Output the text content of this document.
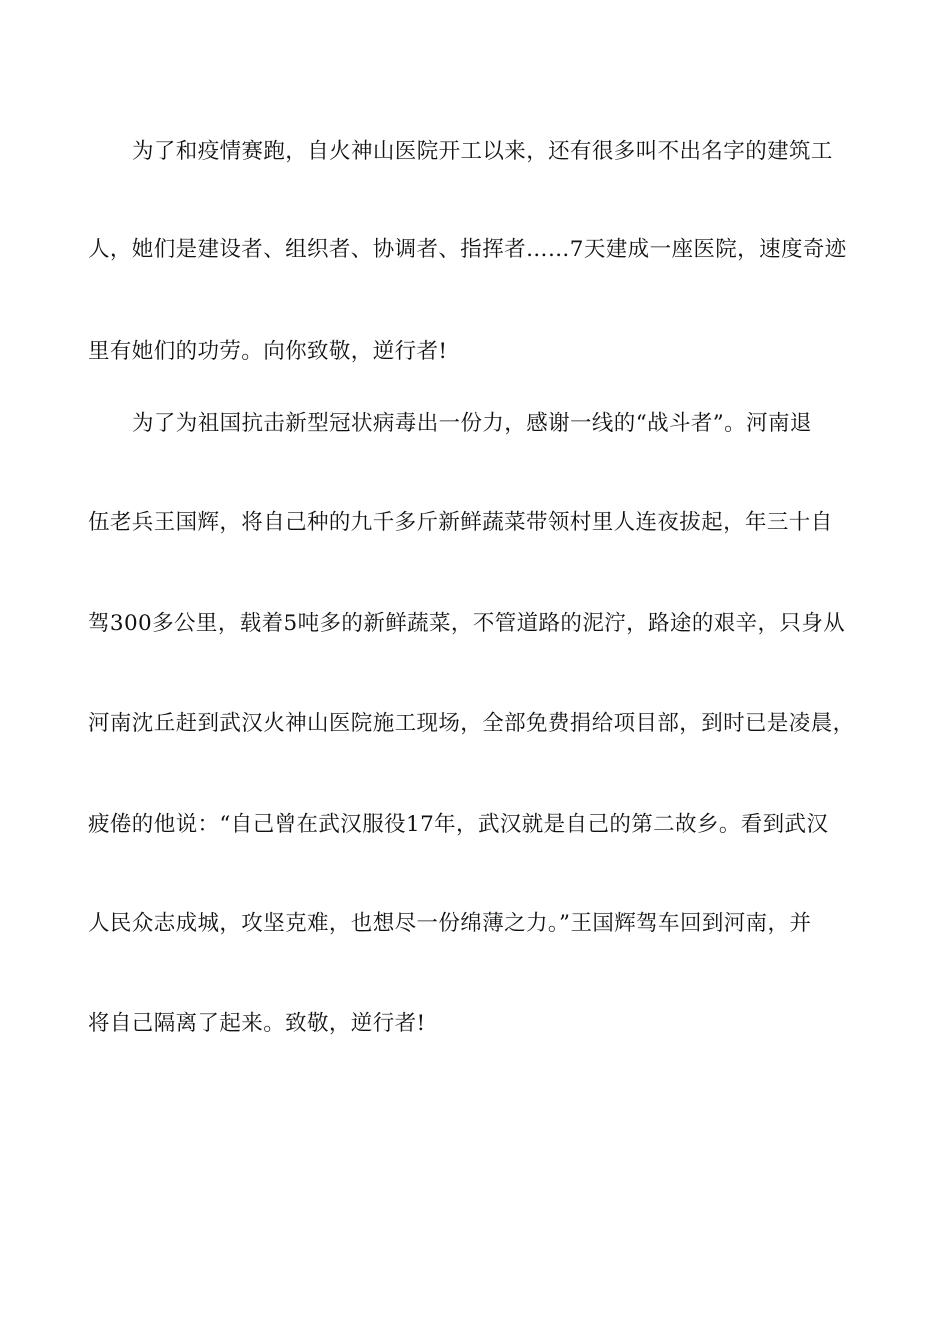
为了和疫情赛跑，自火神山医院开工以来，还有很多叫不出名字的建筑工

人，她们是建设者、组织者、协调者、指挥者……7天建成一座医院，速度奇迹

里有她们的功劳。向你致敬，逆行者!

为了为祖国抗击新型冠状病毒出一份力，感谢一线的“战斗者”。河南退

伍老兵王国辉，将自己种的九千多斤新鲜蔬菜带领村里人连夜拔起，年三十自

驾300多公里，载着5吨多的新鲜蔬菜，不管道路的泥泞，路途的艰辛，只身从

河南沈丘赶到武汉火神山医院施工现场，全部免费捐给项目部，到时已是凌晨，

疲倦的他说：“自己曾在武汉服役17年，武汉就是自己的第二故乡。看到武汉

人民众志成城，攻坚克难，也想尽一份绵薄之力。”王国辉驾车回到河南，并

将自己隔离了起来。致敬，逆行者!
